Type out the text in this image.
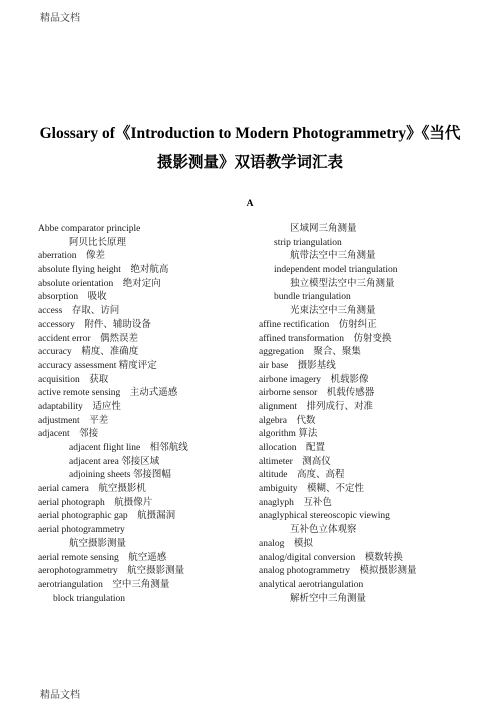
精品文档
Glossary of《Introduction to Modern Photogrammetry》《当代
摄影测量》双语教学词汇表
A
Abbe comparator principle
阿贝比长原理
aberration　像差
absolute flying height　绝对航高
absolute orientation　绝对定向
absorption　吸收
access　存取、访问
accessory　附件、辅助设备
accident error　偶然误差
accuracy　精度、准确度
accuracy assessment 精度评定
acquisition　获取
active remote sensing　主动式遥感
adaptability　适应性
adjustment　平差
adjacent　邻接
adjacent flight line　相邻航线
adjacent area 邻接区域
adjoining sheets 邻接图幅
aerial camera　航空摄影机
aerial photograph　航摄像片
aerial photographic gap　航摄漏洞
aerial photogrammetry
航空摄影测量
aerial remote sensing　航空遥感
aerophotogrammetry　航空摄影测量
aerotriangulation　空中三角测量
block triangulation
区域网三角测量
strip triangulation
航带法空中三角测量
independent model triangulation
独立模型法空中三角测量
bundle triangulation
光束法空中三角测量
affine rectification　仿射纠正
affined transformation　仿射变换
aggregation　聚合、聚集
air base　摄影基线
airbone imagery　机载影像
airborne sensor　机载传感器
alignment　排列成行、对准
algebra　代数
algorithm 算法
allocation　配置
altimeter　测高仪
altitude　高度、高程
ambiguity　模糊、不定性
anaglyph　互补色
anaglyphical stereoscopic viewing
互补色立体观察
analog　模拟
analog/digital conversion　模数转换
analog photogrammetry　模拟摄影测量
analytical aerotriangulation
解析空中三角测量
精品文档
